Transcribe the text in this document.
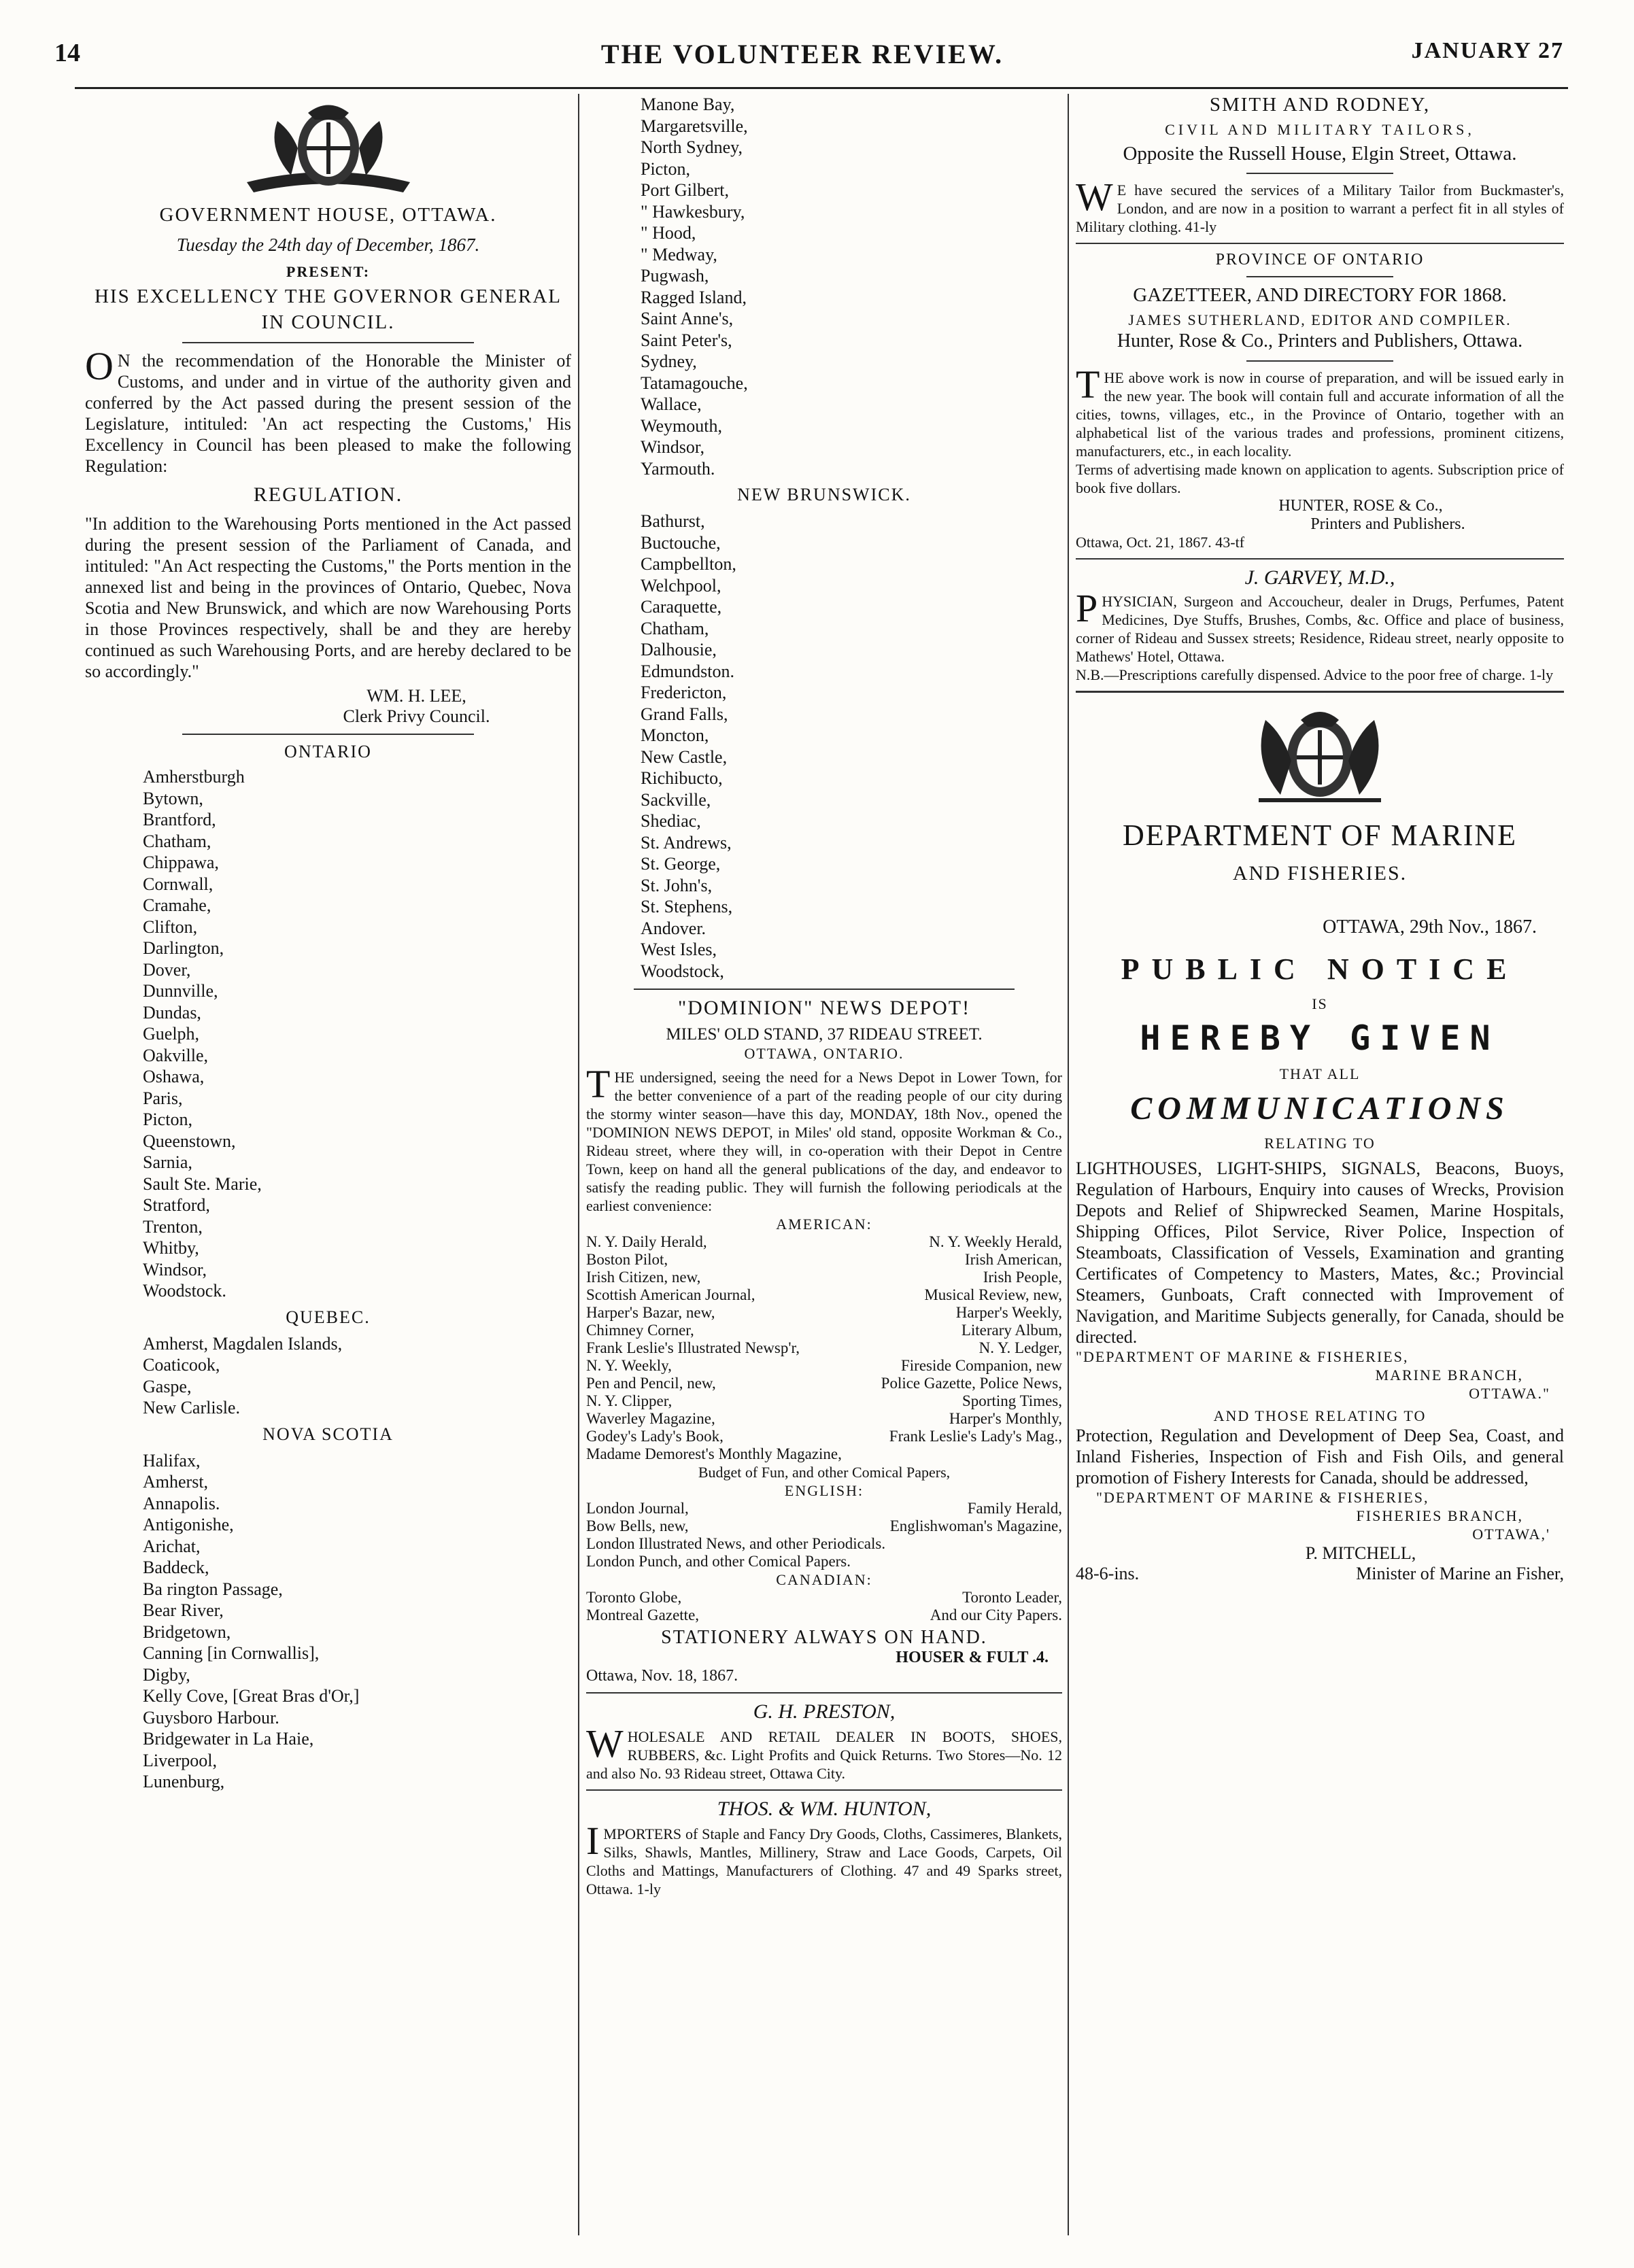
14	THE VOLUNTEER REVIEW.	JANUARY 27
GOVERNMENT HOUSE, OTTAWA.
Tuesday the 24th day of December, 1867.
PRESENT:
HIS EXCELLENCY THE GOVERNOR GENERAL IN COUNCIL.

ON the recommendation of the Honorable the Minister of Customs, and under and in virtue of the authority given and conferred by the Act passed during the present session of the Legislature, intituled: 'An act respecting the Customs,' His Excellency in Council has been pleased to make the following Regulation:

REGULATION.

"In addition to the Warehousing Ports mentioned in the Act passed during the present session of the Parliament of Canada, and intituled: "An Act respecting the Customs," the Ports mention in the annexed list and being in the provinces of Ontario, Quebec, Nova Scotia and New Brunswick, and which are now Warehousing Ports in those Provinces respectively, shall be and they are hereby continued as such Warehousing Ports, and are hereby declared to be so accordingly."

WM. H. LEE,
Clerk Privy Council.
ONTARIO
Amherstburgh
Bytown,
Brantford,
Chatham,
Chippawa,
Cornwall,
Cramahe,
Clifton,
Darlington,
Dover,
Dunnville,
Dundas,
Guelph,
Oakville,
Oshawa,
Paris,
Picton,
Queenstown,
Sarnia,
Sault Ste. Marie,
Stratford,
Trenton,
Whitby,
Windsor,
Woodstock.
QUEBEC.
Amherst, Magdalen Islands,
Coaticook,
Gaspe,
New Carlisle.
NOVA SCOTIA
Halifax,
Amherst,
Annapolis.
Antigonishe,
Arichat,
Baddeck,
Ba rington Passage,
Bear River,
Bridgetown,
Canning [in Cornwallis],
Digby,
Kelly Cove, [Great Bras d'Or,]
Guysboro Harbour.
Bridgewater in La Haie,
Liverpool,
Lunenburg,
Manone Bay,
Margaretsville,
North Sydney,
Picton,
Port Gilbert,
" Hawkesbury,
" Hood,
" Medway,
Pugwash,
Ragged Island,
Saint Anne's,
Saint Peter's,
Sydney,
Tatamagouche,
Wallace,
Weymouth,
Windsor,
Yarmouth.
NEW BRUNSWICK.
Bathurst,
Buctouche,
Campbellton,
Welchpool,
Caraquette,
Chatham,
Dalhousie,
Edmundston.
Fredericton,
Grand Falls,
Moncton,
New Castle,
Richibucto,
Sackville,
Shediac,
St. Andrews,
St. George,
St. John's,
St. Stephens,
Andover.
West Isles,
Woodstock,
"DOMINION" NEWS DEPOT!
MILES' OLD STAND, 37 RIDEAU STREET.
OTTAWA, ONTARIO.

THE undersigned, seeing the need for a News Depot in Lower Town, for the better convenience of a part of the reading people of our city during the stormy winter season—have this day, MONDAY, 18th Nov., opened the "DOMINION NEWS DEPOT, in Miles' old stand, opposite Workman & Co., Rideau street, where they will, in co-operation with their Depot in Centre Town, keep on hand all the general publications of the day, and endeavor to satisfy the reading public. They will furnish the following periodicals at the earliest convenience:

AMERICAN:
N. Y. Daily Herald,	N. Y. Weekly Herald,
Boston Pilot,	Irish American,
Irish Citizen, new,	Irish People,
Scottish American Journal,	Musical Review, new,
Harper's Bazar, new,	Harper's Weekly,
Chimney Corner,	Literary Album,
Frank Leslie's Illustrated Newsp'r,	N. Y. Ledger,
N. Y. Weekly,	Fireside Companion, new
Pen and Pencil, new,	Police Gazette, Police News,
N. Y. Clipper,	Sporting Times,
Waverley Magazine,	Harper's Monthly,
Godey's Lady's Book,	Frank Leslie's Lady's Mag.,
Madame Demorest's Monthly Magazine,
Budget of Fun, and other Comical Papers,
ENGLISH:
London Journal,	Family Herald,
Bow Bells, new,	Englishwoman's Magazine,
London Illustrated News, and other Periodicals.
London Punch, and other Comical Papers.
CANADIAN:
Toronto Globe,	Toronto Leader,
Montreal Gazette,	And our City Papers.
STATIONERY ALWAYS ON HAND.
HOUSER & FULT .4.
Ottawa, Nov. 18, 1867.
G. H. PRESTON,

WHOLESALE AND RETAIL DEALER IN BOOTS, SHOES, RUBBERS, &c. Light Profits and Quick Returns. Two Stores—No. 12 and also No. 93 Rideau street, Ottawa City.

THOS. & WM. HUNTON,

IMPORTERS of Staple and Fancy Dry Goods, Cloths, Cassimeres, Blankets, Silks, Shawls, Mantles, Millinery, Straw and Lace Goods, Carpets, Oil Cloths and Mattings, Manufacturers of Clothing. 47 and 49 Sparks street, Ottawa. 1-ly

SMITH AND RODNEY,
CIVIL AND MILITARY TAILORS,
Opposite the Russell House, Elgin Street, Ottawa.

WE have secured the services of a Military Tailor from Buckmaster's, London, and are now in a position to warrant a perfect fit in all styles of Military clothing. 41-ly

PROVINCE OF ONTARIO
GAZETTEER, AND DIRECTORY FOR 1868.
JAMES SUTHERLAND, EDITOR AND COMPILER.
Hunter, Rose & Co., Printers and Publishers, Ottawa.

THE above work is now in course of preparation, and will be issued early in the new year. The book will contain full and accurate information of all the cities, towns, villages, etc., in the Province of Ontario, together with an alphabetical list of the various trades and professions, prominent citizens, manufacturers, etc., in each locality.

Terms of advertising made known on application to agents. Subscription price of book five dollars.

HUNTER, ROSE & Co.,
Printers and Publishers.
Ottawa, Oct. 21, 1867. 43-tf
J. GARVEY, M.D.,

PHYSICIAN, Surgeon and Accoucheur, dealer in Drugs, Perfumes, Patent Medicines, Dye Stuffs, Brushes, Combs, &c. Office and place of business, corner of Rideau and Sussex streets; Residence, Rideau street, nearly opposite to Mathews' Hotel, Ottawa.

N.B.—Prescriptions carefully dispensed. Advice to the poor free of charge. 1-ly

DEPARTMENT OF MARINE
AND FISHERIES.
OTTAWA, 29th Nov., 1867.
PUBLIC NOTICE
IS
HEREBY GIVEN
THAT ALL
COMMUNICATIONS
RELATING TO

LIGHTHOUSES, LIGHT-SHIPS, SIGNALS, Beacons, Buoys, Regulation of Harbours, Enquiry into causes of Wrecks, Provision Depots and Relief of Shipwrecked Seamen, Marine Hospitals, Shipping Offices, Pilot Service, River Police, Inspection of Steamboats, Classification of Vessels, Examination and granting Certificates of Competency to Masters, Mates, &c.; Provincial Steamers, Gunboats, Craft connected with Improvement of Navigation, and Maritime Subjects generally, for Canada, should be directed.

"DEPARTMENT OF MARINE & FISHERIES,
MARINE BRANCH,
OTTAWA."
AND THOSE RELATING TO

Protection, Regulation and Development of Deep Sea, Coast, and Inland Fisheries, Inspection of Fish and Fish Oils, and general promotion of Fishery Interests for Canada, should be addressed,

"DEPARTMENT OF MARINE & FISHERIES,
FISHERIES BRANCH,
OTTAWA,'
P. MITCHELL,
48-6-ins.	Minister of Marine an Fisher,
